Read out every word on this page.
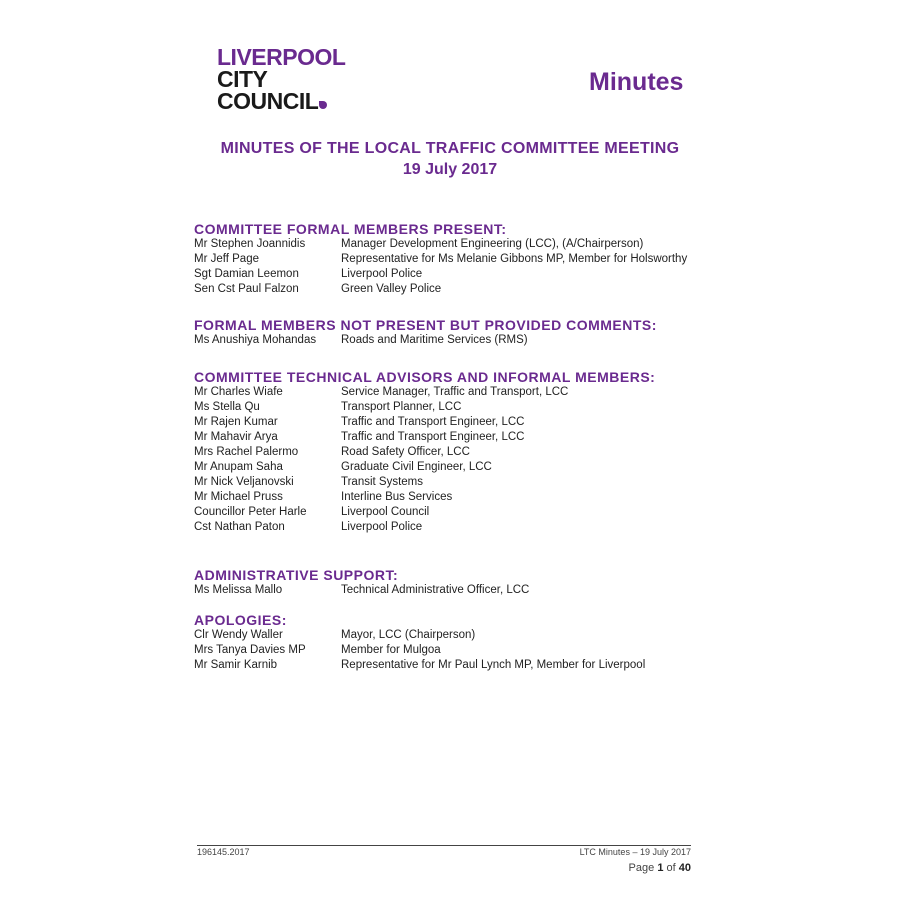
LIVERPOOL
CITY
COUNCIL
Minutes
MINUTES OF THE LOCAL TRAFFIC COMMITTEE MEETING
19 July 2017
COMMITTEE FORMAL MEMBERS PRESENT:
Mr Stephen Joannidis	Manager Development Engineering (LCC), (A/Chairperson)
Mr Jeff Page	Representative for Ms Melanie Gibbons MP, Member for Holsworthy
Sgt Damian Leemon	Liverpool Police
Sen Cst Paul Falzon	Green Valley Police
FORMAL MEMBERS NOT PRESENT BUT PROVIDED COMMENTS:
Ms Anushiya Mohandas	Roads and Maritime Services (RMS)
COMMITTEE TECHNICAL ADVISORS AND INFORMAL MEMBERS:
Mr Charles Wiafe	Service Manager, Traffic and Transport, LCC
Ms Stella Qu	Transport Planner, LCC
Mr Rajen Kumar	Traffic and Transport Engineer, LCC
Mr Mahavir Arya	Traffic and Transport Engineer, LCC
Mrs Rachel Palermo	Road Safety Officer, LCC
Mr Anupam Saha	Graduate Civil Engineer, LCC
Mr Nick Veljanovski	Transit Systems
Mr Michael Pruss	Interline Bus Services
Councillor Peter Harle	Liverpool Council
Cst Nathan Paton	Liverpool Police
ADMINISTRATIVE SUPPORT:
Ms Melissa Mallo	Technical Administrative Officer, LCC
APOLOGIES:
Clr Wendy Waller	Mayor, LCC (Chairperson)
Mrs Tanya Davies MP	Member for Mulgoa
Mr Samir Karnib	Representative for Mr Paul Lynch MP, Member for Liverpool
196145.2017	LTC Minutes – 19 July 2017
Page 1 of 40
